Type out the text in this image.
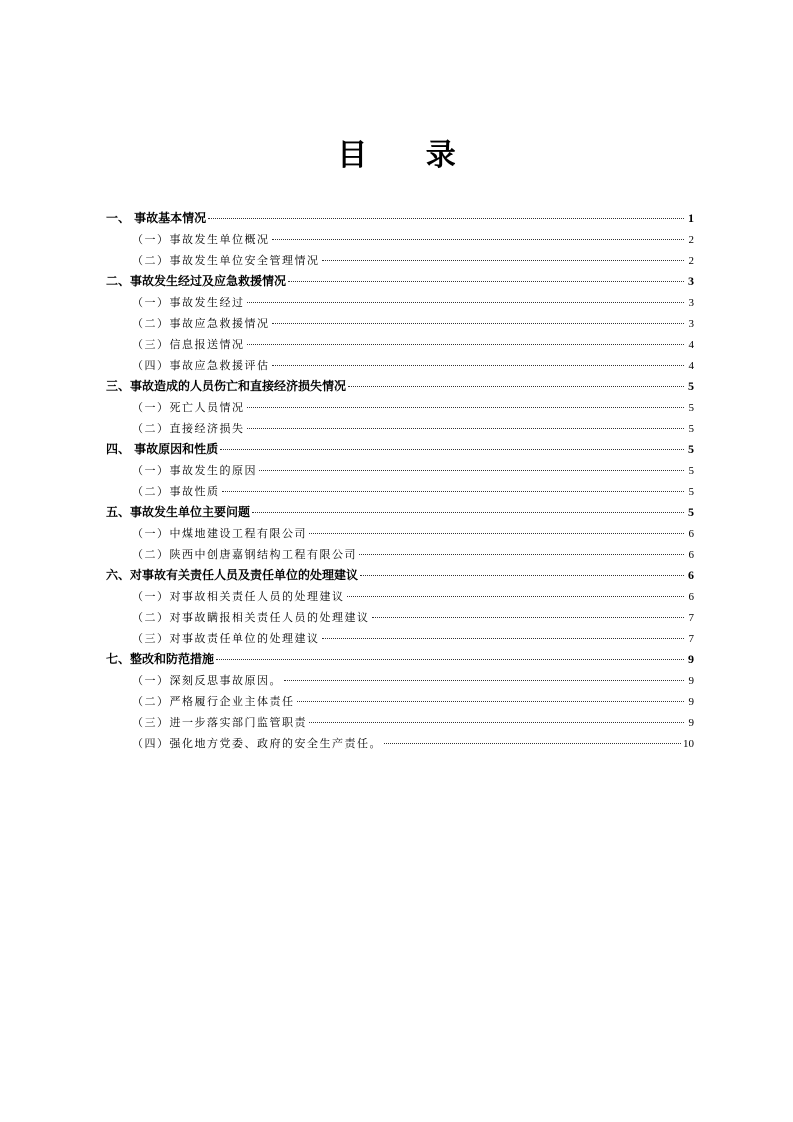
目 录
一、 事故基本情况	1
（一）事故发生单位概况	2
（二）事故发生单位安全管理情况	2
二、事故发生经过及应急救援情况	3
（一）事故发生经过	3
（二）事故应急救援情况	3
（三）信息报送情况	4
（四）事故应急救援评估	4
三、事故造成的人员伤亡和直接经济损失情况	5
（一）死亡人员情况	5
（二）直接经济损失	5
四、 事故原因和性质	5
（一）事故发生的原因	5
（二）事故性质	5
五、事故发生单位主要问题	5
（一）中煤地建设工程有限公司	6
（二）陕西中创唐嘉钢结构工程有限公司	6
六、对事故有关责任人员及责任单位的处理建议	6
（一）对事故相关责任人员的处理建议	6
（二）对事故瞒报相关责任人员的处理建议	7
（三）对事故责任单位的处理建议	7
七、整改和防范措施	9
（一）深刻反思事故原因。	9
（二）严格履行企业主体责任	9
（三）进一步落实部门监管职责	9
（四）强化地方党委、政府的安全生产责任。	10
